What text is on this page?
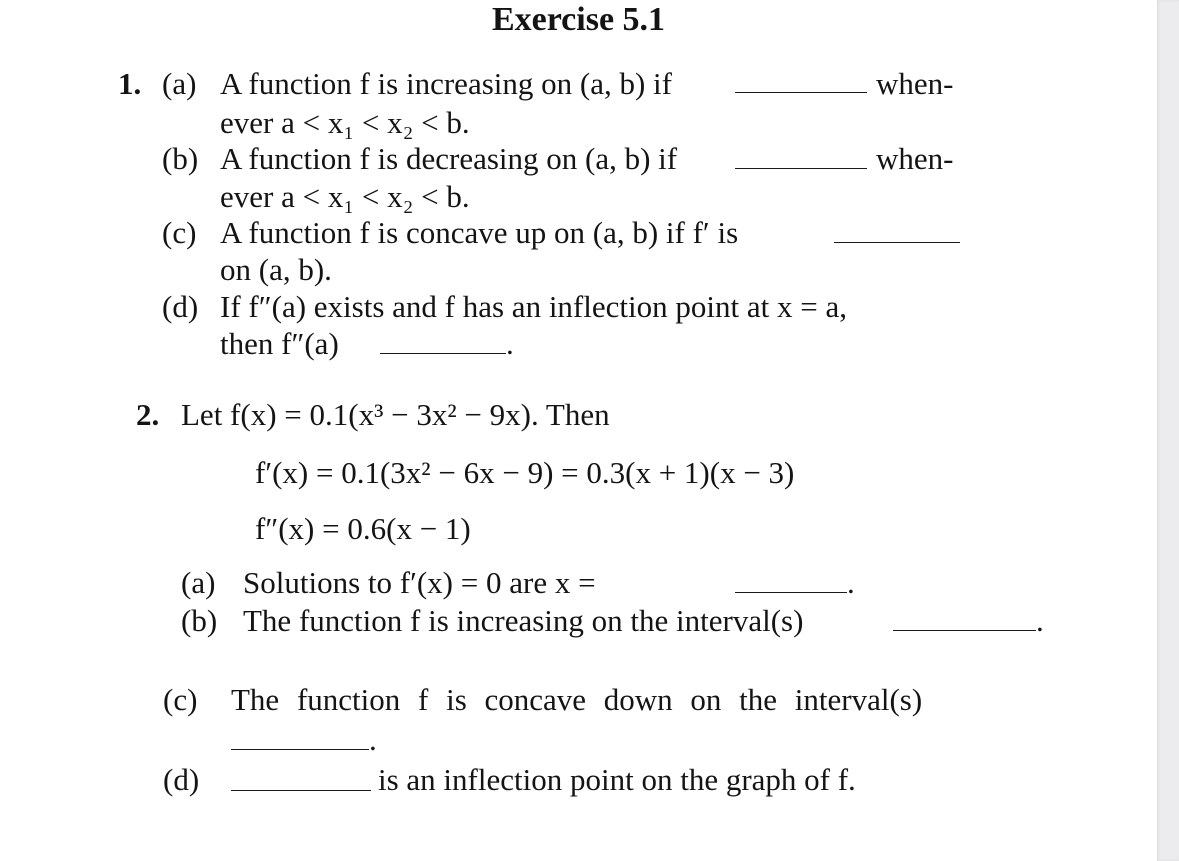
Exercise 5.1
1. (a) A function f is increasing on (a, b) if	when-
ever a < x₁ < x₂ < b.
(b) A function f is decreasing on (a, b) if	when-
ever a < x₁ < x₂ < b.
(c) A function f is concave up on (a, b) if f′ is
on (a, b).
(d) If f″(a) exists and f has an inflection point at x = a,
then f″(a)	.
2. Let f(x) = 0.1(x³ − 3x² − 9x). Then
f′(x) = 0.1(3x² − 6x − 9) = 0.3(x + 1)(x − 3)
f″(x) = 0.6(x − 1)
(a) Solutions to f′(x) = 0 are x =	.
(b) The function f is increasing on the interval(s)	.
(c) The function f is concave down on the interval(s)
.
(d)	is an inflection point on the graph of f.
